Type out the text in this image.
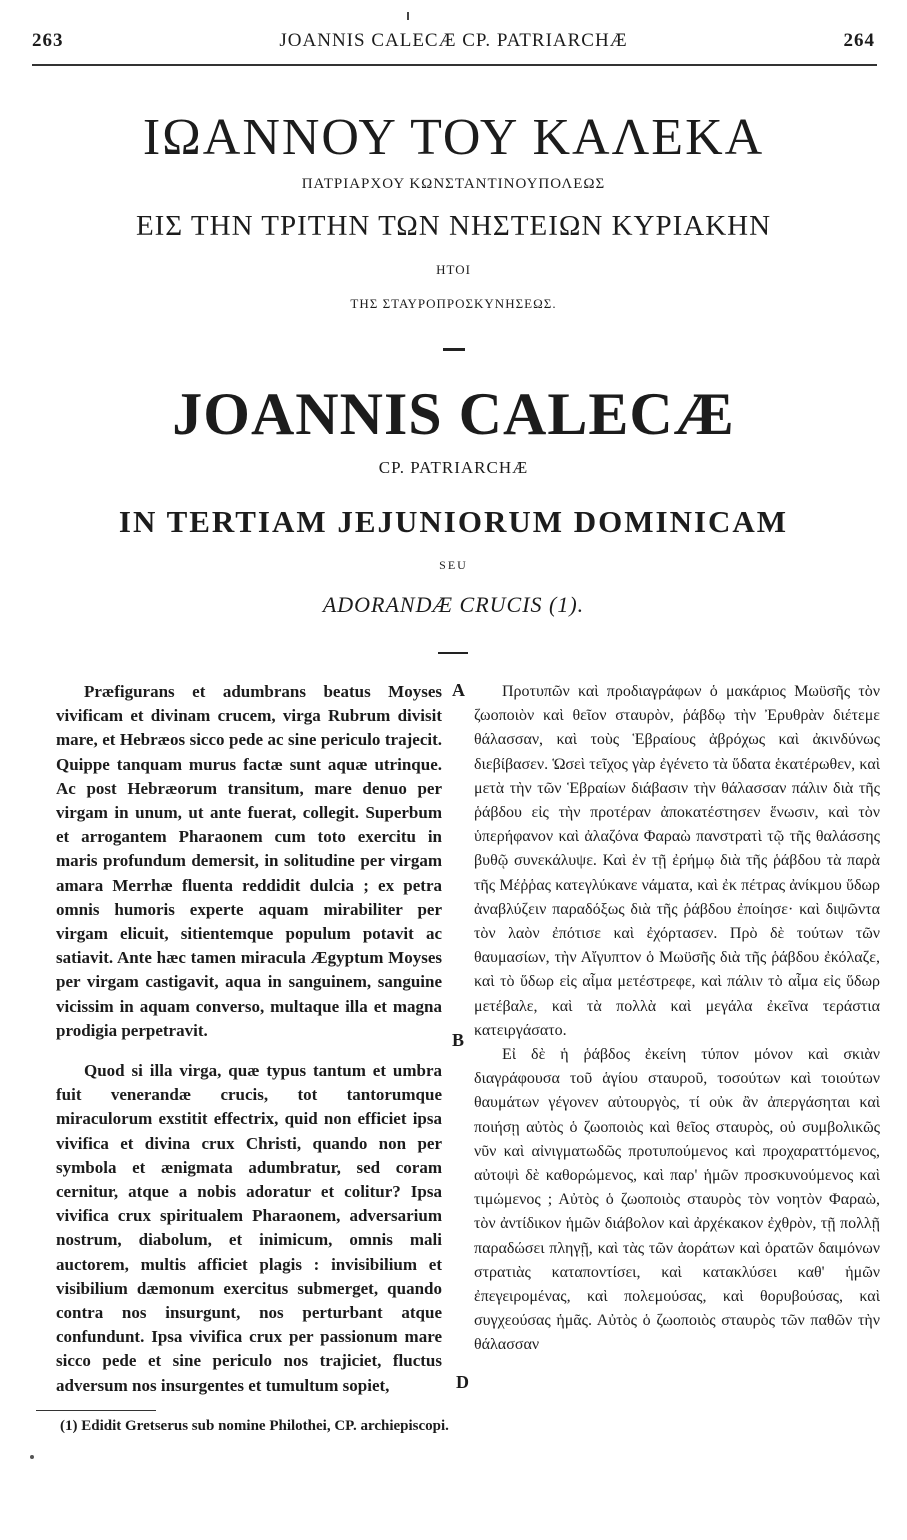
JOANNIS CALECÆ CP. PATRIARCHÆ
263	264
ΙΩΑΝΝΟΥ ΤΟΥ ΚΑΛΕΚΑ
ΠΑΤΡΙΑΡΧΟΥ ΚΩΝΣΤΑΝΤΙΝΟΥΠΟΛΕΩΣ
ΕΙΣ ΤΗΝ ΤΡΙΤΗΝ ΤΩΝ ΝΗΣΤΕΙΩΝ ΚΥΡΙΑΚΗΝ
ΗΤΟΙ
ΤΗΣ ΣΤΑΥΡΟΠΡΟΣΚΥΝΗΣΕΩΣ.
JOANNIS CALECÆ
CP. PATRIARCHÆ
IN TERTIAM JEJUNIORUM DOMINICAM
SEU
ADORANDÆ CRUCIS (1).

Præfigurans et adumbrans beatus Moyses vivificam et divinam crucem, virga Rubrum divisit mare, et Hebræos sicco pede ac sine periculo trajecit. Quippe tanquam murus factæ sunt aquæ utrinque. Ac post Hebræorum transitum, mare denuo per virgam in unum, ut ante fuerat, collegit. Superbum et arrogantem Pharaonem cum toto exercitu in maris profundum demersit, in solitudine per virgam amara Merrhæ fluenta reddidit dulcia ; ex petra omnis humoris experte aquam mirabiliter per virgam elicuit, sitientemque populum potavit ac satiavit. Ante hæc tamen miracula Ægyptum Moyses per virgam castigavit, aqua in sanguinem, sanguine vicissim in aquam converso, multaque illa et magna prodigia perpetravit.

Quod si illa virga, quæ typus tantum et umbra fuit venerandæ crucis, tot tantorumque miraculorum exstitit effectrix, quid non efficiet ipsa vivifica et divina crux Christi, quando non per symbola et ænigmata adumbratur, sed coram cernitur, atque a nobis adoratur et colitur? Ipsa vivifica crux spiritualem Pharaonem, adversarium nostrum, diabolum, et inimicum, omnis mali auctorem, multis afficiet plagis : invisibilium et visibilium dæmonum exercitus submerget, quando contra nos insurgunt, nos perturbant atque confundunt. Ipsa vivifica crux per passionum mare sicco pede et sine periculo nos trajiciet, fluctus adversum nos insurgentes et tumultum sopiet,

A
B
D

Προτυπῶν καὶ προδιαγράφων ὁ μακάριος Μωϋσῆς τὸν ζωοποιὸν καὶ θεῖον σταυρὸν, ῥάβδῳ τὴν Ἐρυθρὰν διέτεμε θάλασσαν, καὶ τοὺς Ἑβραίους ἀβρόχως καὶ ἀκινδύνως διεβίβασεν. Ὡσεὶ τεῖχος γὰρ ἐγένετο τὰ ὕδατα ἑκατέρωθεν, καὶ μετὰ τὴν τῶν Ἑβραίων διάβασιν τὴν θάλασσαν πάλιν διὰ τῆς ῥάβδου εἰς τὴν προτέραν ἀποκατέστησεν ἕνωσιν, καὶ τὸν ὑπερήφανον καὶ ἀλαζόνα Φαραὼ πανστρατὶ τῷ τῆς θαλάσσης βυθῷ συνεκάλυψε. Καὶ ἐν τῇ ἐρήμῳ διὰ τῆς ῥάβδου τὰ παρὰ τῆς Μέῤῥας κατεγλύκανε νάματα, καὶ ἐκ πέτρας ἀνίκμου ὕδωρ ἀναβλύζειν παραδόξως διὰ τῆς ῥάβδου ἐποίησε· καὶ διψῶντα τὸν λαὸν ἐπότισε καὶ ἐχόρτασεν. Πρὸ δὲ τούτων τῶν θαυμασίων, τὴν Αἴγυπτον ὁ Μωϋσῆς διὰ τῆς ῥάβδου ἐκόλαζε, καὶ τὸ ὕδωρ εἰς αἷμα μετέστρεφε, καὶ πάλιν τὸ αἷμα εἰς ὕδωρ μετέβαλε, καὶ τὰ πολλὰ καὶ μεγάλα ἐκεῖνα τεράστια κατειργάσατο.

Εἰ δὲ ἡ ῥάβδος ἐκείνη τύπον μόνον καὶ σκιὰν διαγράφουσα τοῦ ἁγίου σταυροῦ, τοσούτων καὶ τοιούτων θαυμάτων γέγονεν αὐτουργὸς, τί οὐκ ἂν ἀπεργάσηται καὶ ποιήσῃ αὐτὸς ὁ ζωοποιὸς καὶ θεῖος σταυρὸς, οὐ συμβολικῶς νῦν καὶ αἰνιγματωδῶς προτυπούμενος καὶ προχαραττόμενος, αὐτοψὶ δὲ καθορώμενος, καὶ παρ' ἡμῶν προσκυνούμενος καὶ τιμώμενος ; Αὐτὸς ὁ ζωοποιὸς σταυρὸς τὸν νοητὸν Φαραὼ, τὸν ἀντίδικον ἡμῶν διάβολον καὶ ἀρχέκακον ἐχθρὸν, τῇ πολλῇ παραδώσει πληγῇ, καὶ τὰς τῶν ἀοράτων καὶ ὁρατῶν δαιμόνων στρατιὰς καταποντίσει, καὶ κατακλύσει καθ' ἡμῶν ἐπεγειρομένας, καὶ πολεμούσας, καὶ θορυβούσας, καὶ συγχεούσας ἡμᾶς. Αὐτὸς ὁ ζωοποιὸς σταυρὸς τῶν παθῶν τὴν θάλασσαν

(1) Edidit Gretserus sub nomine Philothei, CP. archiepiscopi.
